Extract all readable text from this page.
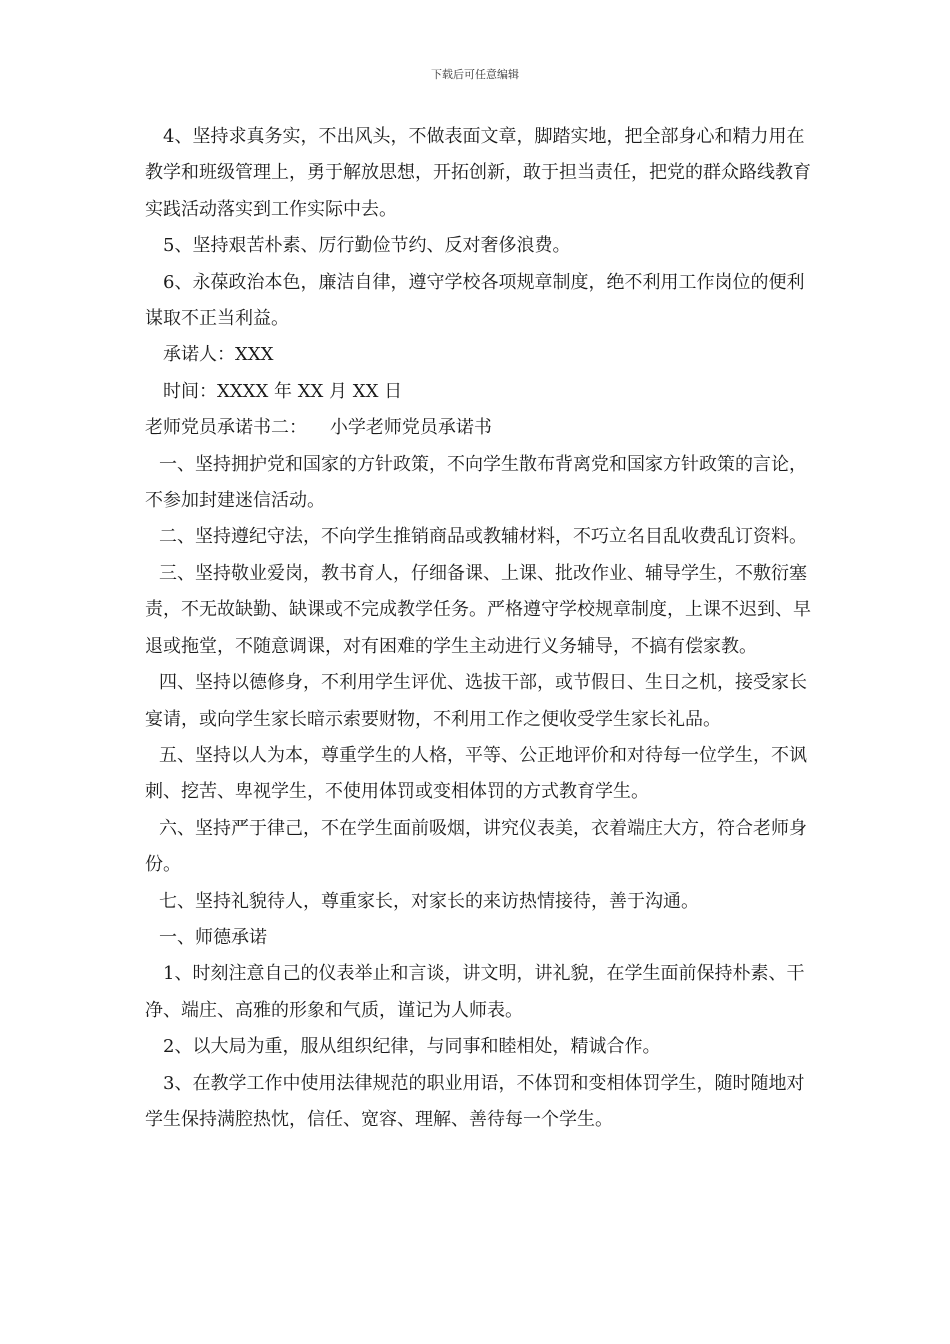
下载后可任意编辑

4、坚持求真务实，不出风头，不做表面文章，脚踏实地，把全部身心和精力用在教学和班级管理上，勇于解放思想，开拓创新，敢于担当责任，把党的群众路线教育实践活动落实到工作实际中去。

5、坚持艰苦朴素、厉行勤俭节约、反对奢侈浪费。

6、永葆政治本色，廉洁自律，遵守学校各项规章制度，绝不利用工作岗位的便利谋取不正当利益。

承诺人：XXX

时间：XXXX 年 XX 月 XX 日

老师党员承诺书二：    小学老师党员承诺书

一、坚持拥护党和国家的方针政策，不向学生散布背离党和国家方针政策的言论，不参加封建迷信活动。

二、坚持遵纪守法，不向学生推销商品或教辅材料，不巧立名目乱收费乱订资料。

三、坚持敬业爱岗，教书育人，仔细备课、上课、批改作业、辅导学生，不敷衍塞责，不无故缺勤、缺课或不完成教学任务。严格遵守学校规章制度，上课不迟到、早退或拖堂，不随意调课，对有困难的学生主动进行义务辅导，不搞有偿家教。

四、坚持以德修身，不利用学生评优、选拔干部，或节假日、生日之机，接受家长宴请，或向学生家长暗示索要财物，不利用工作之便收受学生家长礼品。

五、坚持以人为本，尊重学生的人格，平等、公正地评价和对待每一位学生，不讽刺、挖苦、卑视学生，不使用体罚或变相体罚的方式教育学生。

六、坚持严于律己，不在学生面前吸烟，讲究仪表美，衣着端庄大方，符合老师身份。

七、坚持礼貌待人，尊重家长，对家长的来访热情接待，善于沟通。

一、师德承诺

1、时刻注意自己的仪表举止和言谈，讲文明，讲礼貌，在学生面前保持朴素、干净、端庄、高雅的形象和气质，谨记为人师表。

2、以大局为重，服从组织纪律，与同事和睦相处，精诚合作。

3、在教学工作中使用法律规范的职业用语，不体罚和变相体罚学生，随时随地对学生保持满腔热忱，信任、宽容、理解、善待每一个学生。
